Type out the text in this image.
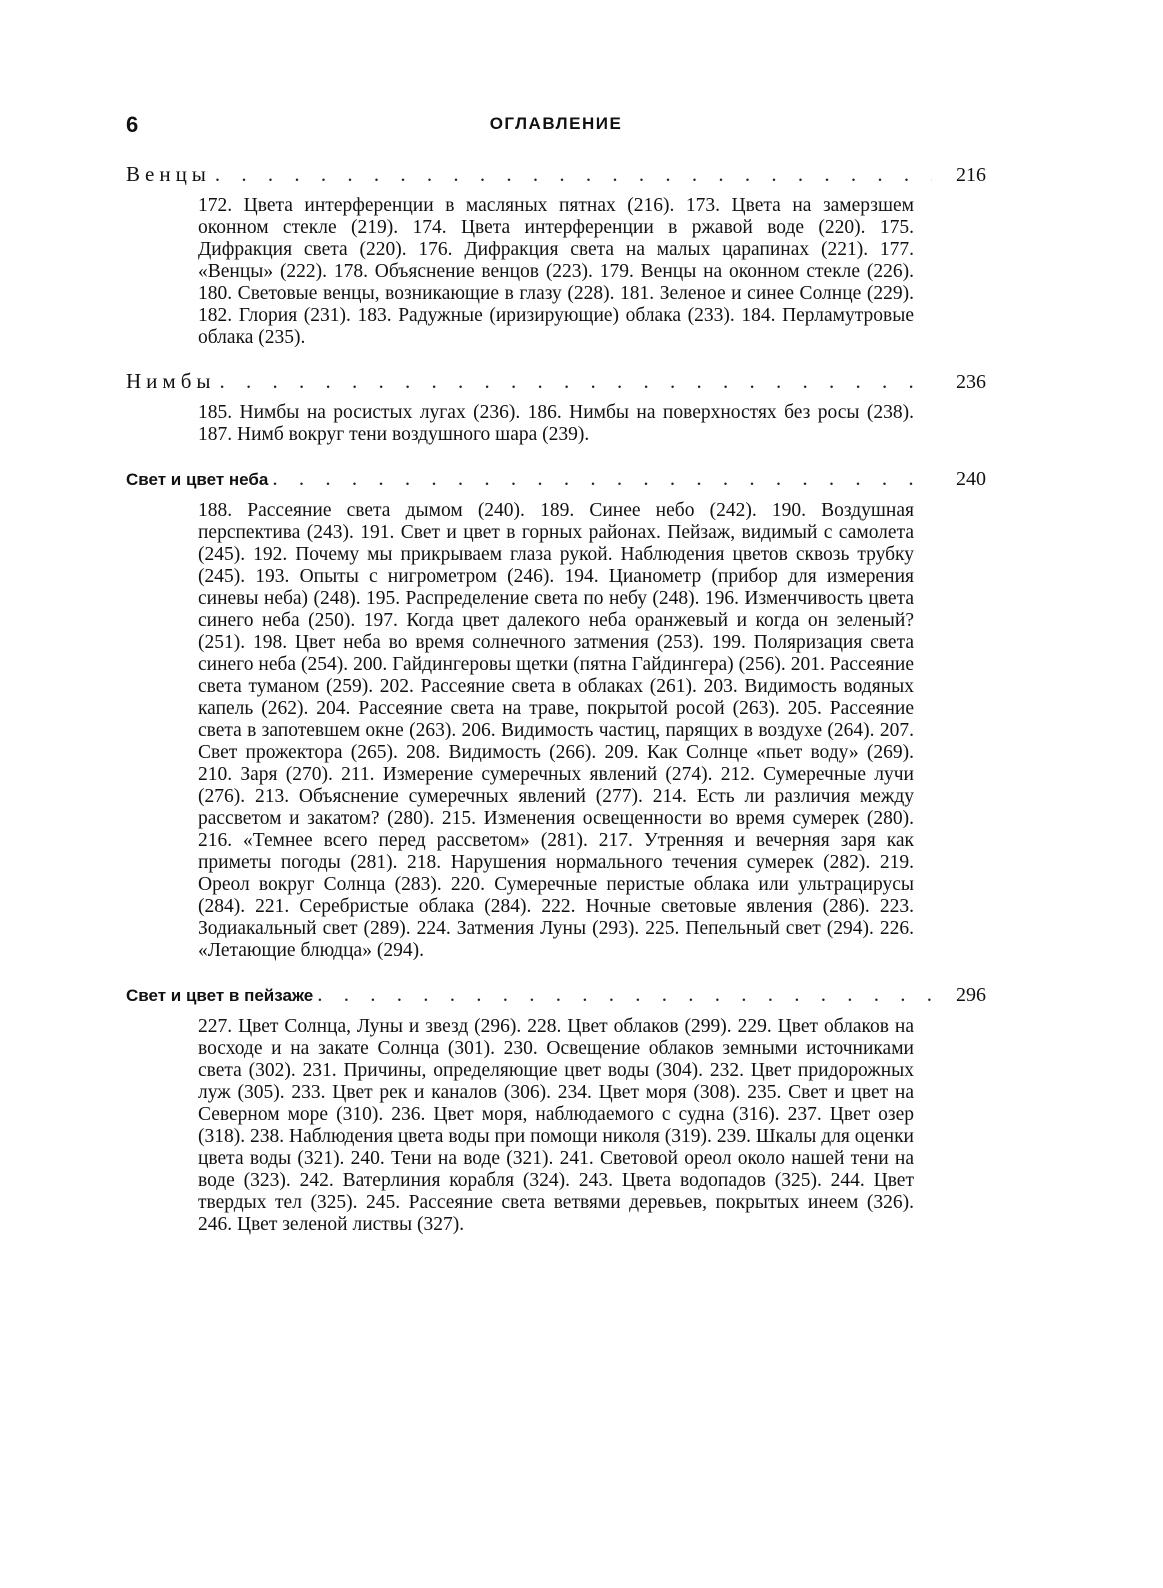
6	ОГЛАВЛЕНИЕ
Венцы . . .	216
172. Цвета интерференции в масляных пятнах (216). 173. Цвета на замерзшем оконном стекле (219). 174. Цвета интерференции в ржавой воде (220). 175. Дифракция света (220). 176. Дифракция света на малых царапинах (221). 177. «Венцы» (222). 178. Объяснение венцов (223). 179. Венцы на оконном стекле (226). 180. Световые венцы, возникающие в глазу (228). 181. Зеленое и синее Солнце (229). 182. Глория (231). 183. Радужные (иризирующие) облака (233). 184. Перламутровые облака (235).
Нимбы . . .	236
185. Нимбы на росистых лугах (236). 186. Нимбы на поверхностях без росы (238). 187. Нимб вокруг тени воздушного шара (239).
Свет и цвет неба . . .	240
188. Рассеяние света дымом (240). 189. Синее небо (242). 190. Воздушная перспектива (243). 191. Свет и цвет в горных районах. Пейзаж, видимый с самолета (245). 192. Почему мы прикрываем глаза рукой. Наблюдения цветов сквозь трубку (245). 193. Опыты с нигрометром (246). 194. Цианометр (прибор для измерения синевы неба) (248). 195. Распределение света по небу (248). 196. Изменчивость цвета синего неба (250). 197. Когда цвет далекого неба оранжевый и когда он зеленый? (251). 198. Цвет неба во время солнечного затмения (253). 199. Поляризация света синего неба (254). 200. Гайдингеровы щетки (пятна Гайдингера) (256). 201. Рассеяние света туманом (259). 202. Рассеяние света в облаках (261). 203. Видимость водяных капель (262). 204. Рассеяние света на траве, покрытой росой (263). 205. Рассеяние света в запотевшем окне (263). 206. Видимость частиц, парящих в воздухе (264). 207. Свет прожектора (265). 208. Видимость (266). 209. Как Солнце «пьет воду» (269). 210. Заря (270). 211. Измерение сумеречных явлений (274). 212. Сумеречные лучи (276). 213. Объяснение сумеречных явлений (277). 214. Есть ли различия между рассветом и закатом? (280). 215. Изменения освещенности во время сумерек (280). 216. «Темнее всего перед рассветом» (281). 217. Утренняя и вечерняя заря как приметы погоды (281). 218. Нарушения нормального течения сумерек (282). 219. Ореол вокруг Солнца (283). 220. Сумеречные перистые облака или ультрацирусы (284). 221. Серебристые облака (284). 222. Ночные световые явления (286). 223. Зодиакальный свет (289). 224. Затмения Луны (293). 225. Пепельный свет (294). 226. «Летающие блюдца» (294).
Свет и цвет в пейзаже . . .	296
227. Цвет Солнца, Луны и звезд (296). 228. Цвет облаков (299). 229. Цвет облаков на восходе и на закате Солнца (301). 230. Освещение облаков земными источниками света (302). 231. Причины, определяющие цвет воды (304). 232. Цвет придорожных луж (305). 233. Цвет рек и каналов (306). 234. Цвет моря (308). 235. Свет и цвет на Северном море (310). 236. Цвет моря, наблюдаемого с судна (316). 237. Цвет озер (318). 238. Наблюдения цвета воды при помощи николя (319). 239. Шкалы для оценки цвета воды (321). 240. Тени на воде (321). 241. Световой ореол около нашей тени на воде (323). 242. Ватерлиния корабля (324). 243. Цвета водопадов (325). 244. Цвет твердых тел (325). 245. Рассеяние света ветвями деревьев, покрытых инеем (326). 246. Цвет зеленой листвы (327).
